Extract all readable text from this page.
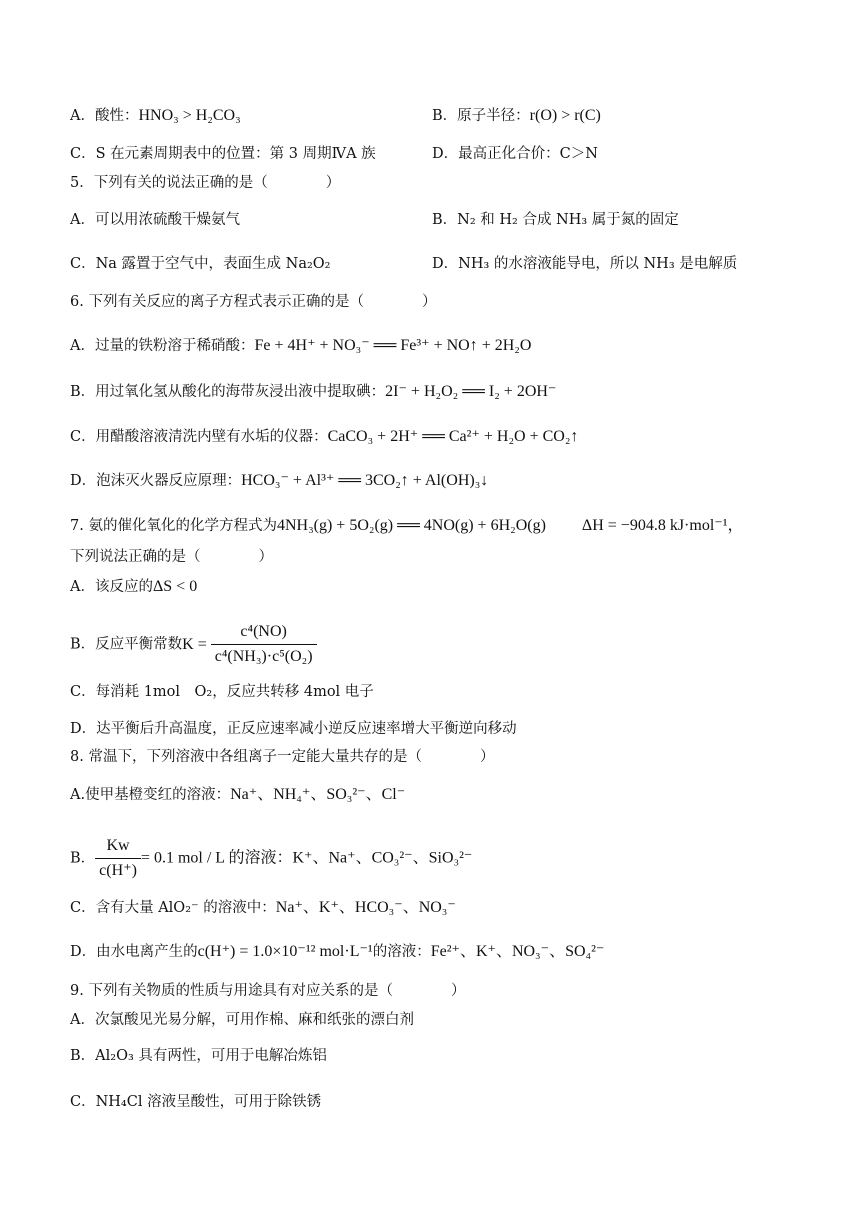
A．酸性：HNO₃ > H₂CO₃	B．原子半径：r(O) > r(C)
C．S 在元素周期表中的位置：第 3 周期ⅣA 族	D．最高正化合价：C＞N
5．下列有关的说法正确的是（　　　　）
A．可以用浓硫酸干燥氨气	B．N₂ 和 H₂ 合成 NH₃ 属于氮的固定
C．Na 露置于空气中，表面生成 Na₂O₂	D．NH₃ 的水溶液能导电，所以 NH₃ 是电解质
6. 下列有关反应的离子方程式表示正确的是（　　　　）
A．过量的铁粉溶于稀硝酸：Fe + 4H⁺ + NO₃⁻ ══ Fe³⁺ + NO↑ + 2H₂O
B．用过氧化氢从酸化的海带灰浸出液中提取碘：2I⁻ + H₂O₂ ══ I₂ + 2OH⁻
C．用醋酸溶液清洗内壁有水垢的仪器：CaCO₃ + 2H⁺ ══ Ca²⁺ + H₂O + CO₂↑
D．泡沫灭火器反应原理：HCO₃⁻ + Al³⁺ ══ 3CO₂↑ + Al(OH)₃↓
7. 氨的催化氧化的化学方程式为4NH₃(g) + 5O₂(g) ══ 4NO(g) + 6H₂O(g) ΔH = −904.8 kJ·mol⁻¹，
下列说法正确的是（　　　　）
A．该反应的ΔS < 0
B．反应平衡常数$K = \frac{\text{c⁴(NO)}}{\text{c⁴(NH₃)·c⁵(O₂)}}$
C．每消耗 1mol　O₂，反应共转移 4mol 电子
D．达平衡后升高温度，正反应速率减小逆反应速率增大平衡逆向移动
8. 常温下，下列溶液中各组离子一定能大量共存的是（　　　　）
A.使甲基橙变红的溶液：Na⁺、NH₄⁺、SO₃²⁻、Cl⁻
B． $\frac{Kw}{c(H^+)} = 0.1$ mol / L 的溶液：K⁺、Na⁺、CO₃²⁻、SiO₃²⁻
C．含有大量 AlO₂⁻ 的溶液中：Na⁺、K⁺、HCO₃⁻、NO₃⁻
D．由水电离产生的c(H⁺) = 1.0×10⁻¹² mol·L⁻¹的溶液：Fe²⁺、K⁺、NO₃⁻、SO₄²⁻
9. 下列有关物质的性质与用途具有对应关系的是（　　　　）
A．次氯酸见光易分解，可用作棉、麻和纸张的漂白剂
B．Al₂O₃ 具有两性，可用于电解冶炼铝
C．NH₄Cl 溶液呈酸性，可用于除铁锈
